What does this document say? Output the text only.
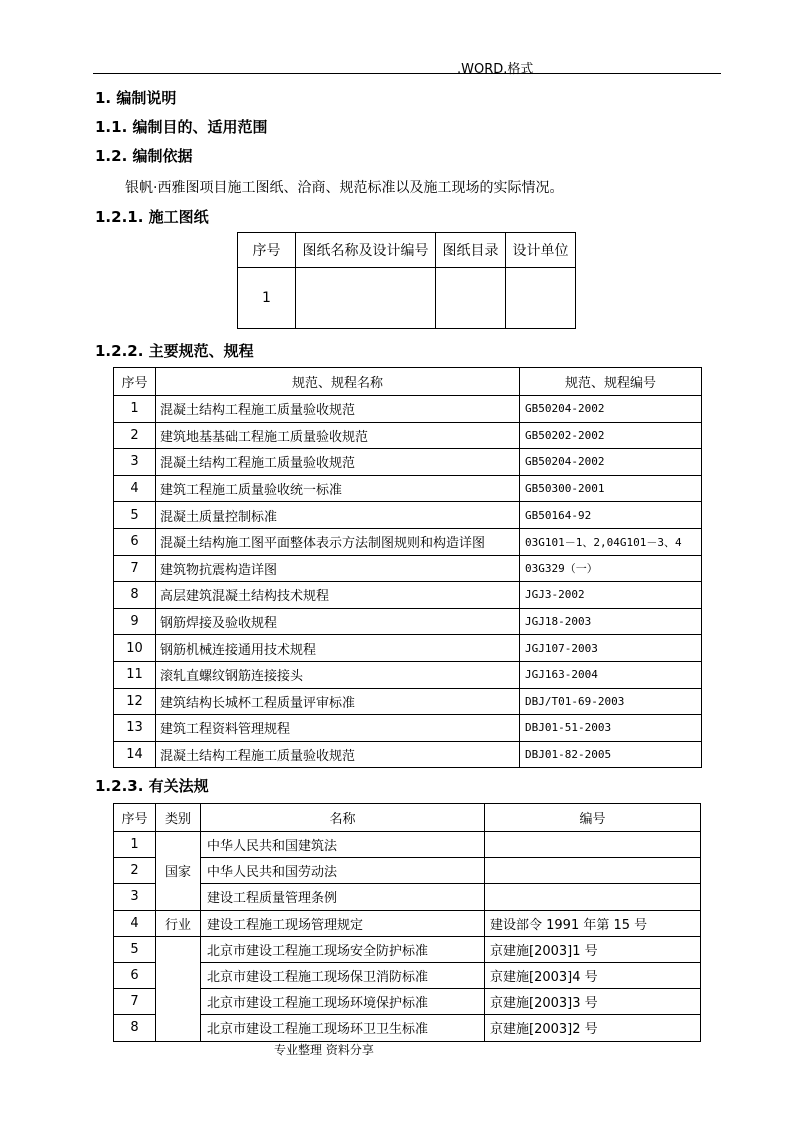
.WORD.格式
1. 编制说明
1.1. 编制目的、适用范围
1.2. 编制依据
银帆·西雅图项目施工图纸、洽商、规范标准以及施工现场的实际情况。
1.2.1. 施工图纸
序号	图纸名称及设计编号	图纸目录	设计单位
1			
1.2.2. 主要规范、规程
序号	规范、规程名称	规范、规程编号
1	混凝土结构工程施工质量验收规范	GB50204-2002
2	建筑地基基础工程施工质量验收规范	GB50202-2002
3	混凝土结构工程施工质量验收规范	GB50204-2002
4	建筑工程施工质量验收统一标准	GB50300-2001
5	混凝土质量控制标准	GB50164-92
6	混凝土结构施工图平面整体表示方法制图规则和构造详图	03G101－1、2,04G101－3、4
7	建筑物抗震构造详图	03G329（一）
8	高层建筑混凝土结构技术规程	JGJ3-2002
9	钢筋焊接及验收规程	JGJ18-2003
10	钢筋机械连接通用技术规程	JGJ107-2003
11	滚轧直螺纹钢筋连接接头	JGJ163-2004
12	建筑结构长城杯工程质量评审标准	DBJ/T01-69-2003
13	建筑工程资料管理规程	DBJ01-51-2003
14	混凝土结构工程施工质量验收规范	DBJ01-82-2005
1.2.3. 有关法规
序号	类别	名称	编号
1	国家	中华人民共和国建筑法	
2		中华人民共和国劳动法	
3		建设工程质量管理条例	
4	行业	建设工程施工现场管理规定	建设部令 1991 年第 15 号
5		北京市建设工程施工现场安全防护标准	京建施[2003]1 号
6		北京市建设工程施工现场保卫消防标准	京建施[2003]4 号
7		北京市建设工程施工现场环境保护标准	京建施[2003]3 号
8		北京市建设工程施工现场环卫卫生标准	京建施[2003]2 号
专业整理 资料分享
